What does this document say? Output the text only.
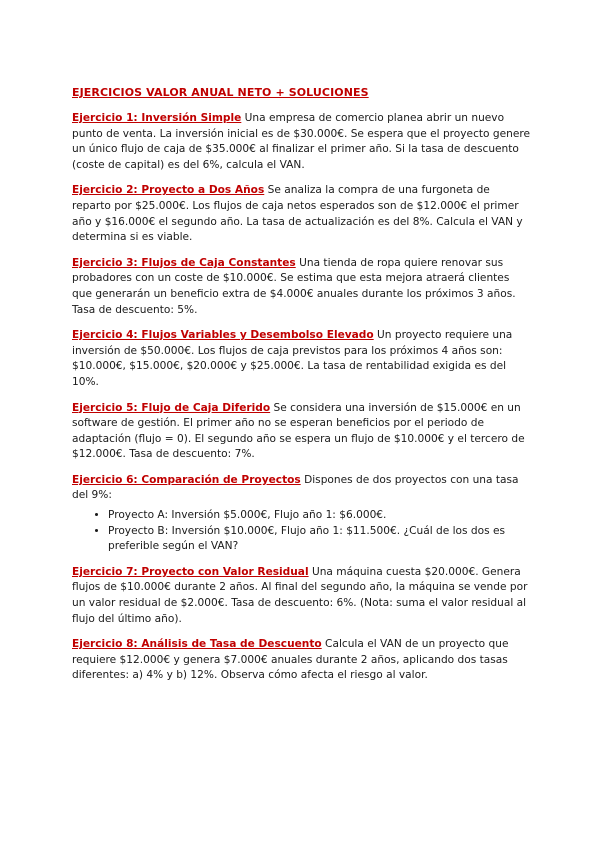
EJERCICIOS VALOR ANUAL NETO + SOLUCIONES

Ejercicio 1: Inversión Simple Una empresa de comercio planea abrir un nuevo punto de venta. La inversión inicial es de $30.000€. Se espera que el proyecto genere un único flujo de caja de $35.000€ al finalizar el primer año. Si la tasa de descuento (coste de capital) es del 6%, calcula el VAN.

Ejercicio 2: Proyecto a Dos Años Se analiza la compra de una furgoneta de reparto por $25.000€. Los flujos de caja netos esperados son de $12.000€ el primer año y $16.000€ el segundo año. La tasa de actualización es del 8%. Calcula el VAN y determina si es viable.

Ejercicio 3: Flujos de Caja Constantes Una tienda de ropa quiere renovar sus probadores con un coste de $10.000€. Se estima que esta mejora atraerá clientes que generarán un beneficio extra de $4.000€ anuales durante los próximos 3 años. Tasa de descuento: 5%.

Ejercicio 4: Flujos Variables y Desembolso Elevado Un proyecto requiere una inversión de $50.000€. Los flujos de caja previstos para los próximos 4 años son: $10.000€, $15.000€, $20.000€ y $25.000€. La tasa de rentabilidad exigida es del 10%.

Ejercicio 5: Flujo de Caja Diferido Se considera una inversión de $15.000€ en un software de gestión. El primer año no se esperan beneficios por el periodo de adaptación (flujo = 0). El segundo año se espera un flujo de $10.000€ y el tercero de $12.000€. Tasa de descuento: 7%.

Ejercicio 6: Comparación de Proyectos Dispones de dos proyectos con una tasa del 9%:

• Proyecto A: Inversión $5.000€, Flujo año 1: $6.000€.
• Proyecto B: Inversión $10.000€, Flujo año 1: $11.500€. ¿Cuál de los dos es preferible según el VAN?

Ejercicio 7: Proyecto con Valor Residual Una máquina cuesta $20.000€. Genera flujos de $10.000€ durante 2 años. Al final del segundo año, la máquina se vende por un valor residual de $2.000€. Tasa de descuento: 6%. (Nota: suma el valor residual al flujo del último año).

Ejercicio 8: Análisis de Tasa de Descuento Calcula el VAN de un proyecto que requiere $12.000€ y genera $7.000€ anuales durante 2 años, aplicando dos tasas diferentes: a) 4% y b) 12%. Observa cómo afecta el riesgo al valor.
